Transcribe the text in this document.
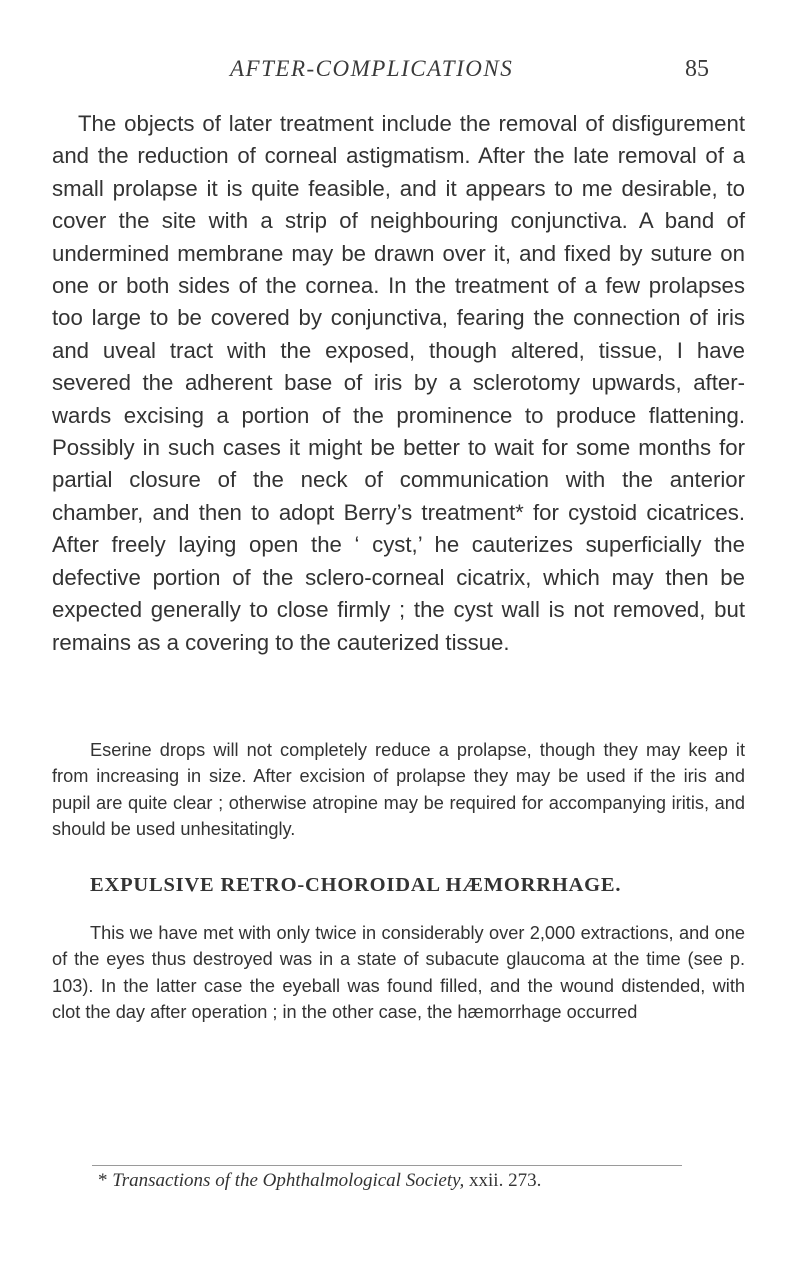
AFTER-COMPLICATIONS	85

The objects of later treatment include the removal of disfigurement and the reduction of corneal astigmatism. After the late removal of a small prolapse it is quite feasible, and it appears to me desirable, to cover the site with a strip of neighbouring conjunctiva. A band of undermined membrane may be drawn over it, and fixed by suture on one or both sides of the cornea. In the treatment of a few prolapses too large to be covered by conjunctiva, fearing the connection of iris and uveal tract with the exposed, though altered, tissue, I have severed the adherent base of iris by a sclerotomy upwards, after-wards excising a portion of the prominence to produce flattening. Possibly in such cases it might be better to wait for some months for partial closure of the neck of communication with the anterior chamber, and then to adopt Berry’s treatment* for cystoid cicatrices. After freely laying open the ‘ cyst,’ he cauterizes superficially the defective portion of the sclero-corneal cicatrix, which may then be expected generally to close firmly ; the cyst wall is not removed, but remains as a covering to the cauterized tissue.

Eserine drops will not completely reduce a prolapse, though they may keep it from increasing in size. After excision of prolapse they may be used if the iris and pupil are quite clear ; otherwise atropine may be required for accompanying iritis, and should be used unhesitatingly.

EXPULSIVE RETRO-CHOROIDAL HÆMORRHAGE.

This we have met with only twice in considerably over 2,000 extractions, and one of the eyes thus destroyed was in a state of subacute glaucoma at the time (see p. 103). In the latter case the eyeball was found filled, and the wound distended, with clot the day after operation ; in the other case, the hæmorrhage occurred

* Transactions of the Ophthalmological Society, xxii. 273.
